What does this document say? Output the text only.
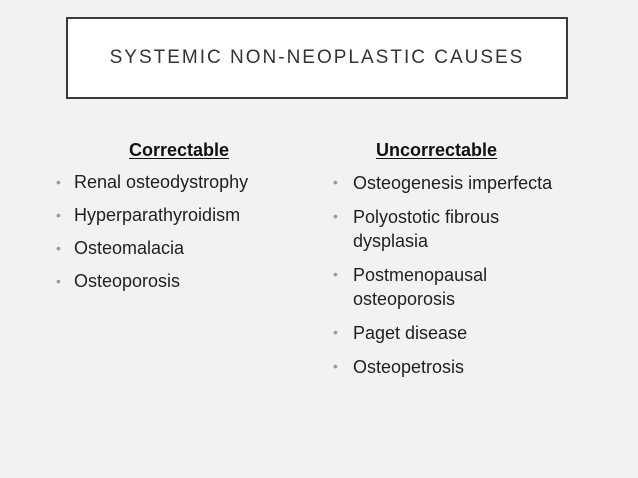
SYSTEMIC NON-NEOPLASTIC CAUSES
Correctable
• Renal osteodystrophy
• Hyperparathyroidism
• Osteomalacia
• Osteoporosis
Uncorrectable
• Osteogenesis imperfecta
• Polyostotic fibrous dysplasia
• Postmenopausal osteoporosis
• Paget disease
• Osteopetrosis
